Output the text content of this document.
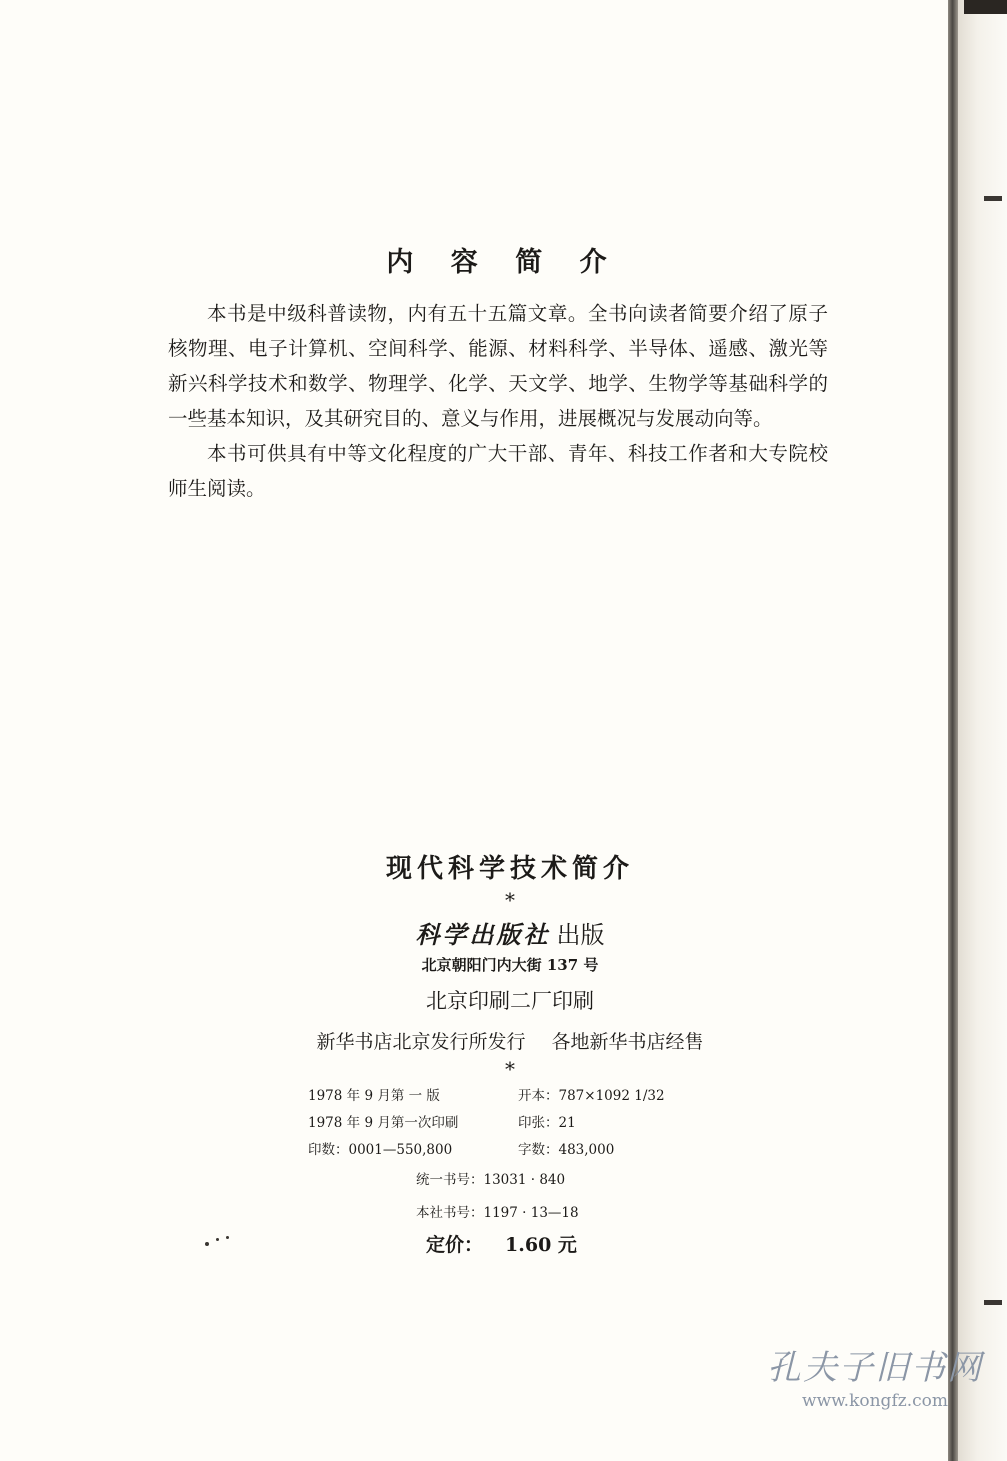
内 容 简 介

本书是中级科普读物，内有五十五篇文章。全书向读者简要介绍了原子核物理、电子计算机、空间科学、能源、材料科学、半导体、遥感、激光等新兴科学技术和数学、物理学、化学、天文学、地学、生物学等基础科学的一些基本知识，及其研究目的、意义与作用，进展概况与发展动向等。

本书可供具有中等文化程度的广大干部、青年、科技工作者和大专院校师生阅读。

现代科学技术简介
*
科学出版社 出版
北京朝阳门内大街 137 号
北京印刷二厂印刷
新华书店北京发行所发行 各地新华书店经售
*
1978 年 9 月第 一 版	开本：787×1092 1/32
1978 年 9 月第一次印刷	印张：21
印数：0001—550,800	字数：483,000
统一书号：13031 · 840
本社书号：1197 · 13—18
定价： 1.60 元
孔夫子旧书网
www.kongfz.com
